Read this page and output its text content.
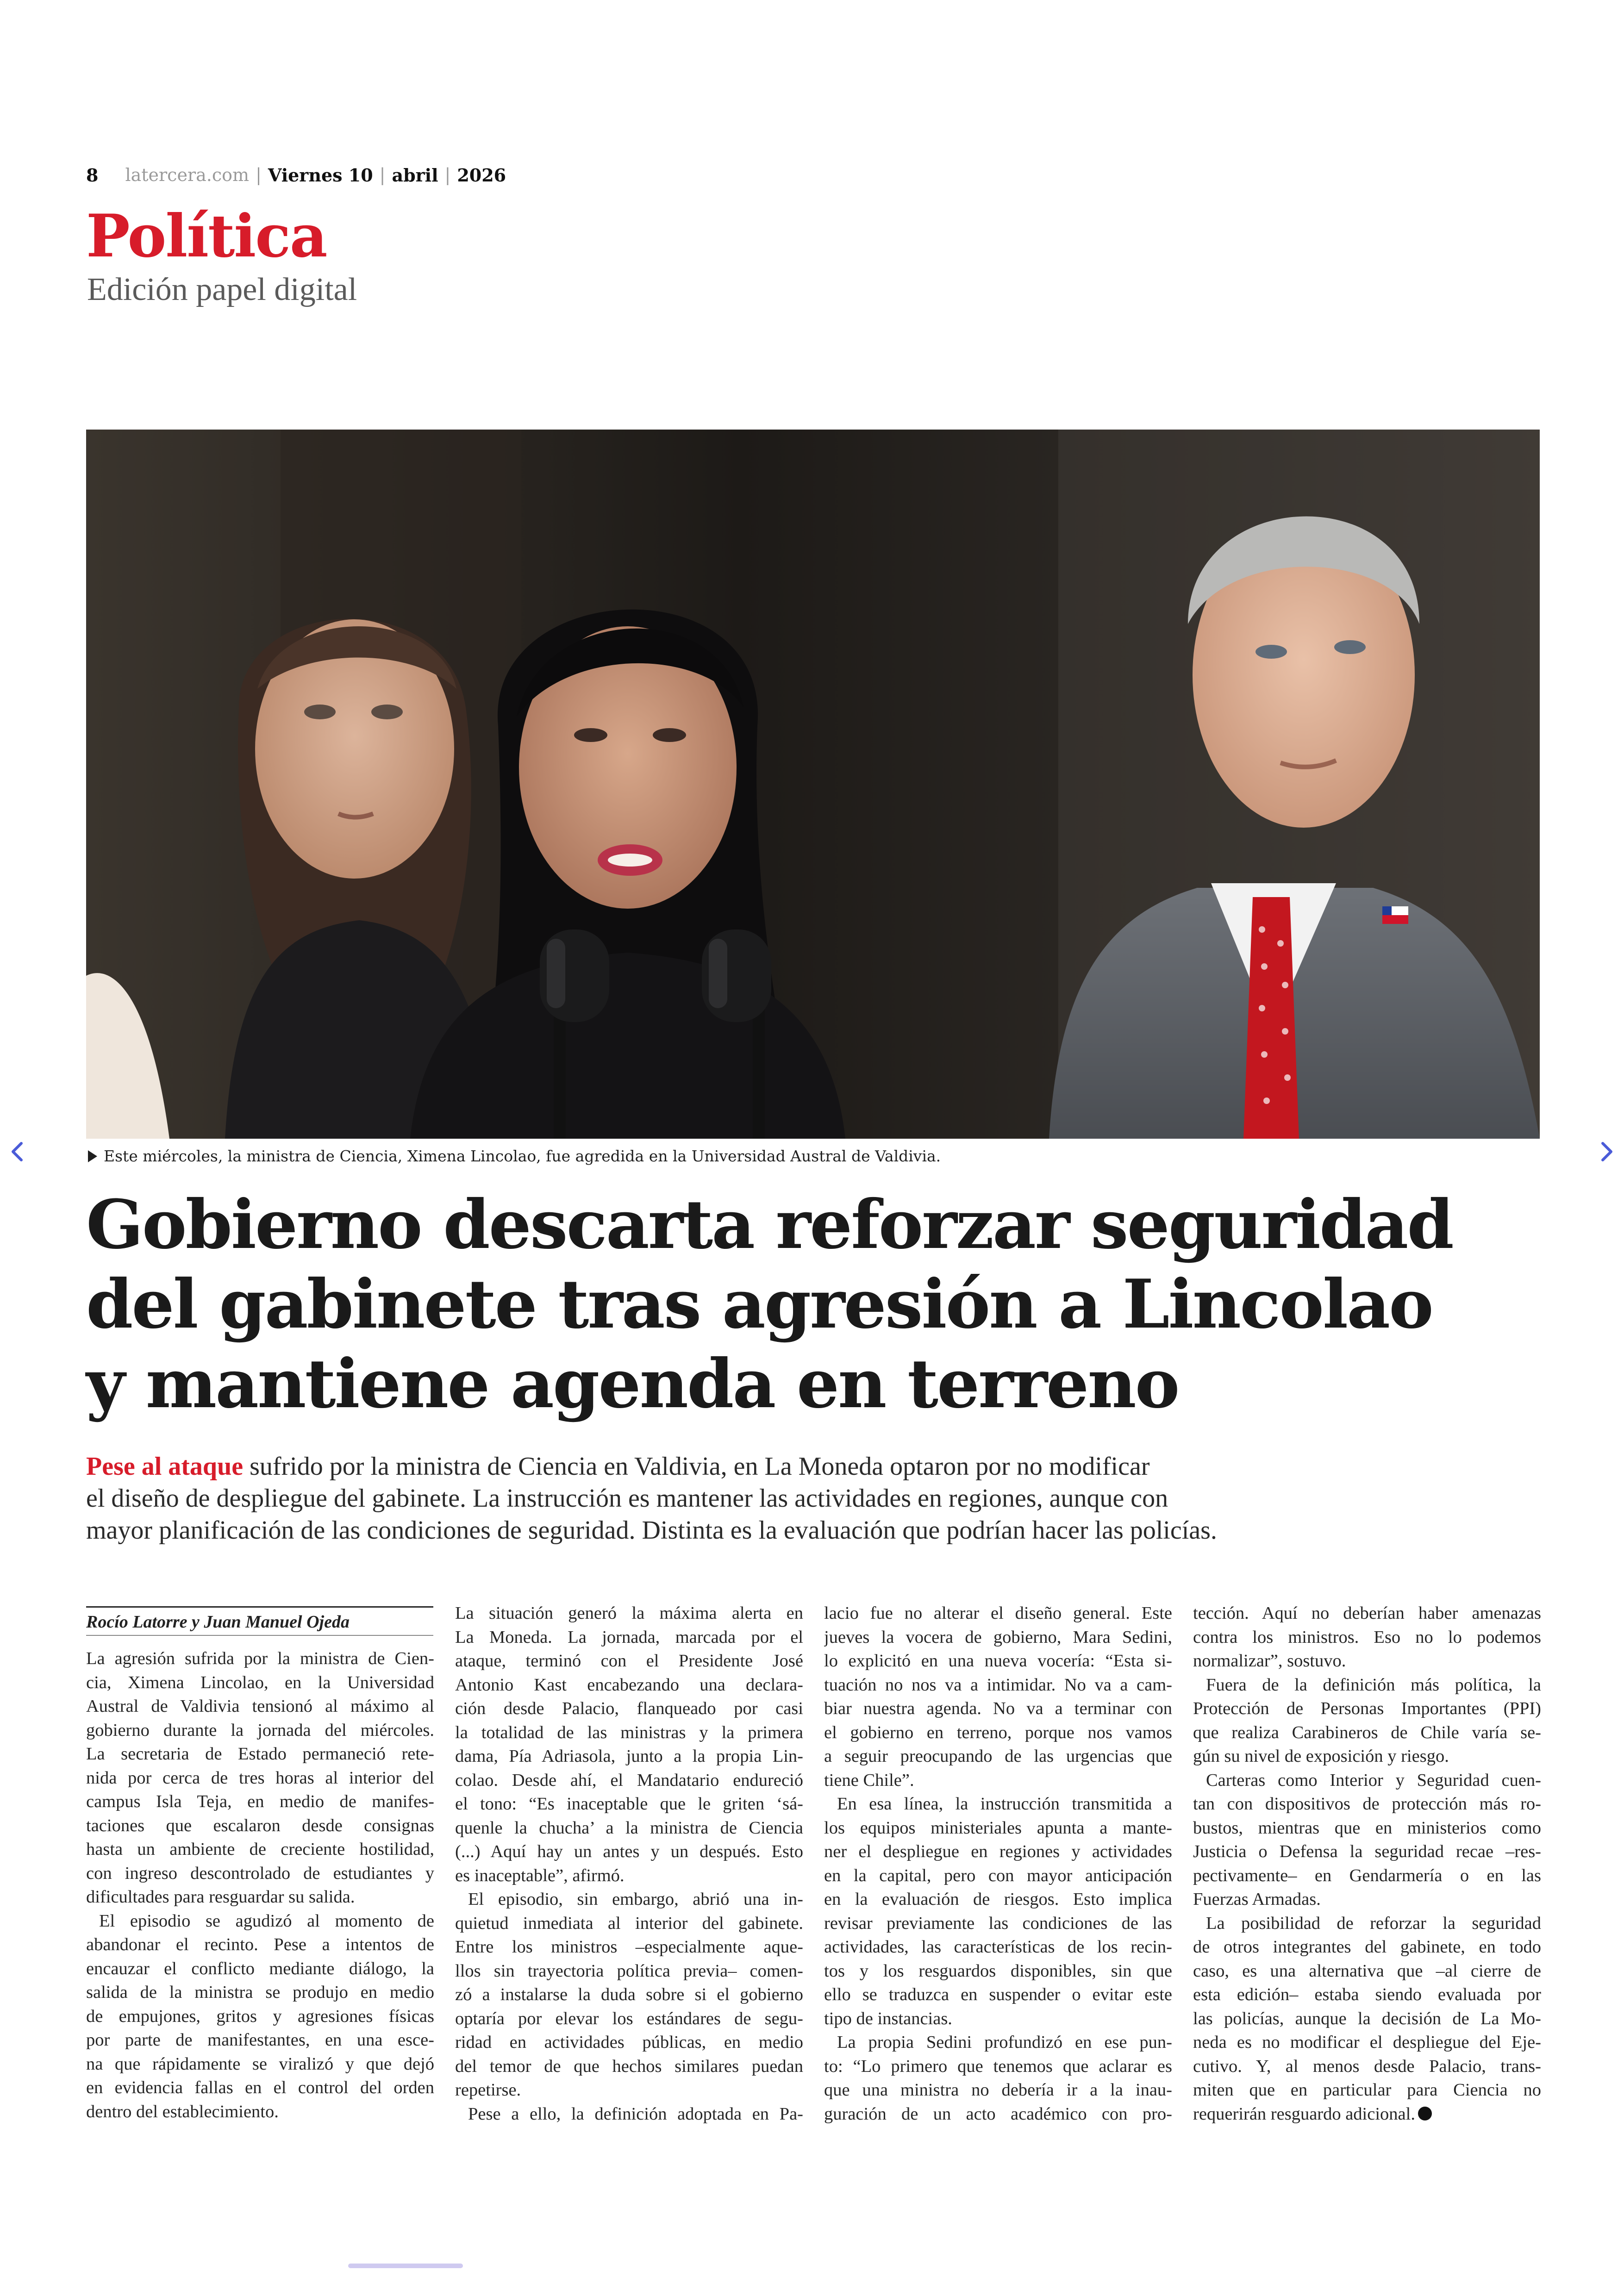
8 latercera.com | Viernes 10 | abril | 2026
Política
Edición papel digital
Este miércoles, la ministra de Ciencia, Ximena Lincolao, fue agredida en la Universidad Austral de Valdivia.
Gobierno descarta reforzar seguridad
del gabinete tras agresión a Lincolao
y mantiene agenda en terreno
Pese al ataque sufrido por la ministra de Ciencia en Valdivia, en La Moneda optaron por no modificar
el diseño de despliegue del gabinete. La instrucción es mantener las actividades en regiones, aunque con
mayor planificación de las condiciones de seguridad. Distinta es la evaluación que podrían hacer las policías.
Rocío Latorre y Juan Manuel Ojeda
La agresión sufrida por la ministra de Cien-
cia, Ximena Lincolao, en la Universidad
Austral de Valdivia tensionó al máximo al
gobierno durante la jornada del miércoles.
La secretaria de Estado permaneció rete-
nida por cerca de tres horas al interior del
campus Isla Teja, en medio de manifes-
taciones que escalaron desde consignas
hasta un ambiente de creciente hostilidad,
con ingreso descontrolado de estudiantes y
dificultades para resguardar su salida.
El episodio se agudizó al momento de
abandonar el recinto. Pese a intentos de
encauzar el conflicto mediante diálogo, la
salida de la ministra se produjo en medio
de empujones, gritos y agresiones físicas
por parte de manifestantes, en una esce-
na que rápidamente se viralizó y que dejó
en evidencia fallas en el control del orden
dentro del establecimiento.
La situación generó la máxima alerta en
La Moneda. La jornada, marcada por el
ataque, terminó con el Presidente José
Antonio Kast encabezando una declara-
ción desde Palacio, flanqueado por casi
la totalidad de las ministras y la primera
dama, Pía Adriasola, junto a la propia Lin-
colao. Desde ahí, el Mandatario endureció
el tono: “Es inaceptable que le griten ‘sá-
quenle la chucha’ a la ministra de Ciencia
(...) Aquí hay un antes y un después. Esto
es inaceptable”, afirmó.
El episodio, sin embargo, abrió una in-
quietud inmediata al interior del gabinete.
Entre los ministros –especialmente aque-
llos sin trayectoria política previa– comen-
zó a instalarse la duda sobre si el gobierno
optaría por elevar los estándares de segu-
ridad en actividades públicas, en medio
del temor de que hechos similares puedan
repetirse.
Pese a ello, la definición adoptada en Pa-
lacio fue no alterar el diseño general. Este
jueves la vocera de gobierno, Mara Sedini,
lo explicitó en una nueva vocería: “Esta si-
tuación no nos va a intimidar. No va a cam-
biar nuestra agenda. No va a terminar con
el gobierno en terreno, porque nos vamos
a seguir preocupando de las urgencias que
tiene Chile”.
En esa línea, la instrucción transmitida a
los equipos ministeriales apunta a mante-
ner el despliegue en regiones y actividades
en la capital, pero con mayor anticipación
en la evaluación de riesgos. Esto implica
revisar previamente las condiciones de las
actividades, las características de los recin-
tos y los resguardos disponibles, sin que
ello se traduzca en suspender o evitar este
tipo de instancias.
La propia Sedini profundizó en ese pun-
to: “Lo primero que tenemos que aclarar es
que una ministra no debería ir a la inau-
guración de un acto académico con pro-
tección. Aquí no deberían haber amenazas
contra los ministros. Eso no lo podemos
normalizar”, sostuvo.
Fuera de la definición más política, la
Protección de Personas Importantes (PPI)
que realiza Carabineros de Chile varía se-
gún su nivel de exposición y riesgo.
Carteras como Interior y Seguridad cuen-
tan con dispositivos de protección más ro-
bustos, mientras que en ministerios como
Justicia o Defensa la seguridad recae –res-
pectivamente– en Gendarmería o en las
Fuerzas Armadas.
La posibilidad de reforzar la seguridad
de otros integrantes del gabinete, en todo
caso, es una alternativa que –al cierre de
esta edición– estaba siendo evaluada por
las policías, aunque la decisión de La Mo-
neda es no modificar el despliegue del Eje-
cutivo. Y, al menos desde Palacio, trans-
miten que en particular para Ciencia no
requerirán resguardo adicional.
